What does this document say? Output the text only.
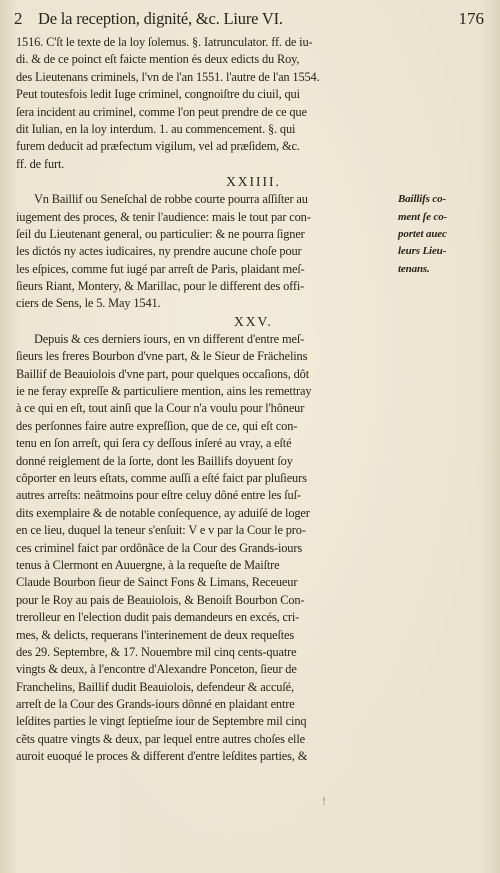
2 De la reception, dignité, &c. Liure VI.	176
1516. C'ſt le texte de la loy ſolemus. §. Iatrunculator. ff. de iu-
di. & de ce poinct eſt faicte mention és deux edicts du Roy,
des Lieutenans criminels, l'vn de l'an 1551. l'autre de l'an 1554.
Peut toutesfois ledit Iuge criminel, congnoiſtre du ciuil, qui
ſera incident au criminel, comme l'on peut prendre de ce que
dit Iulian, en la loy interdum. 1. au commencement. §. qui
furem deducit ad præfectum vigilum, vel ad præſidem, &c.
ff. de furt.
XXIIII.
Vn Baillif ou Seneſchal de robbe courte pourra aſſiſter au	Baillifs co-
iugement des proces, & tenir l'audience: mais le tout par con-	ment ſe co-
ſeil du Lieutenant general, ou particulier: & ne pourra ſigner	portet auec
les dictós ny actes iudicaires, ny prendre aucune choſe pour	leurs Lieu-
les eſpices, comme fut iugé par arreſt de Paris, plaidant meſ-	tenans.
ſieurs Riant, Montery, & Marillac, pour le different des offi-
ciers de Sens, le 5. May 1541.
XXV.
Depuis & ces derniers iours, en vn different d'entre meſ-
ſieurs les freres Bourbon d'vne part, & le Sieur de Frächelins
Baillif de Beauiolois d'vne part, pour quelques occaſions, dôt
ie ne feray expreſſe & particuliere mention, ains les remettray
à ce qui en eſt, tout ainſi que la Cour n'a voulu pour l'hôneur
des perſonnes faire autre expreſſion, que de ce, qui eſt con-
tenu en ſon arreſt, qui ſera cy deſſous inſeré au vray, a eſté
donné reiglement de la ſorte, dont les Baillifs doyuent ſoy
côporter en leurs eſtats, comme auſſi a eſté faict par pluſieurs
autres arreſts: neâtmoins pour eſtre celuy dôné entre les ſuſ-
dits exemplaire & de notable conſequence, ay aduiſé de loger
en ce lieu, duquel la teneur s'enſuit: V e v par la Cour le pro-
ces criminel faict par ordônãce de la Cour des Grands-iours
tenus à Clermont en Auuergne, à la requeſte de Maiſtre
Claude Bourbon ſieur de Sainct Fons & Limans, Receueur
pour le Roy au pais de Beauiolois, & Benoiſt Bourbon Con-
trerolleur en l'election dudit pais demandeurs en excés, cri-
mes, & delicts, requerans l'interinement de deux requeſtes
des 29. Septembre, & 17. Nouembre mil cinq cents-quatre
vingts & deux, à l'encontre d'Alexandre Ponceton, ſieur de
Franchelins, Baillif dudit Beauiolois, defendeur & accuſé,
arreſt de la Cour des Grands-iours dônné en plaidant entre
leſdites parties le vingt ſeptieſme iour de Septembre mil cinq
cẽts quatre vingts & deux, par lequel entre autres choſes elle
auroit euoqué le proces & different d'entre leſdites parties, &
!
